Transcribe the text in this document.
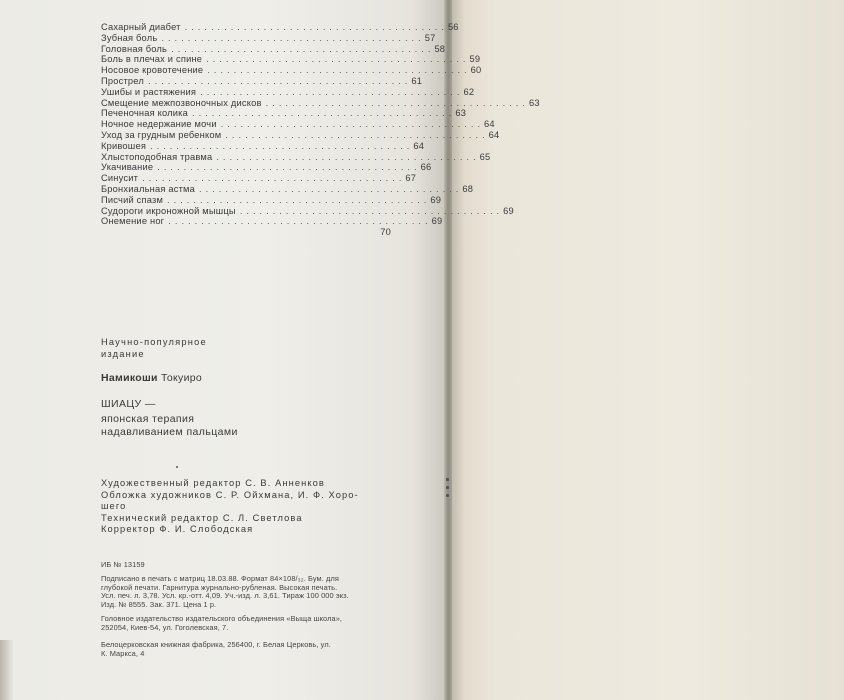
Сахарный диабет ........................................ 56
Зубная боль ........................................ 57
Головная боль ........................................ 58
Боль в плечах и спине ........................................ 59
Носовое кровотечение ........................................ 60
Прострел ........................................ 61
Ушибы и растяжения ........................................ 62
Смещение межпозвоночных дисков ........................................ 63
Печеночная колика ........................................ 63
Ночное недержание мочи ........................................ 64
Уход за грудным ребенком ........................................ 64
Кривошея ........................................ 64
Хлыстоподобная травма ........................................ 65
Укачивание ........................................ 66
Синусит ........................................ 67
Бронхиальная астма ........................................ 68
Писчий спазм ........................................ 69
Судороги икроножной мышцы ........................................ 69
Онемение ног ........................................ 69
70
Научно-популярное
издание
Намикоши Токуиро
ШИАЦУ —
японская терапия
надавливанием пальцами
Художественный редактор С. В. Анненков
Обложка художников С. Р. Ойхмана, И. Ф. Хоро-
шего
Технический редактор С. Л. Светлова
Корректор Ф. И. Слободская
ИБ № 13159
Подписано в печать с матриц 18.03.88. Формат 84×108/₃₂. Бум. для
глубокой печати. Гарнитура журнально-рубленая. Высокая печать.
Усл. печ. л. 3,78. Усл. кр.-отт. 4,09. Уч.-изд. л. 3,61. Тираж 100 000 экз.
Изд. № 8555. Зак. 371. Цена 1 р.
Головное издательство издательского объединения «Выща школа»,
252054, Киев-54, ул. Гоголевская, 7.
Белоцерковская книжная фабрика, 256400, г. Белая Церковь, ул.
К. Маркса, 4
